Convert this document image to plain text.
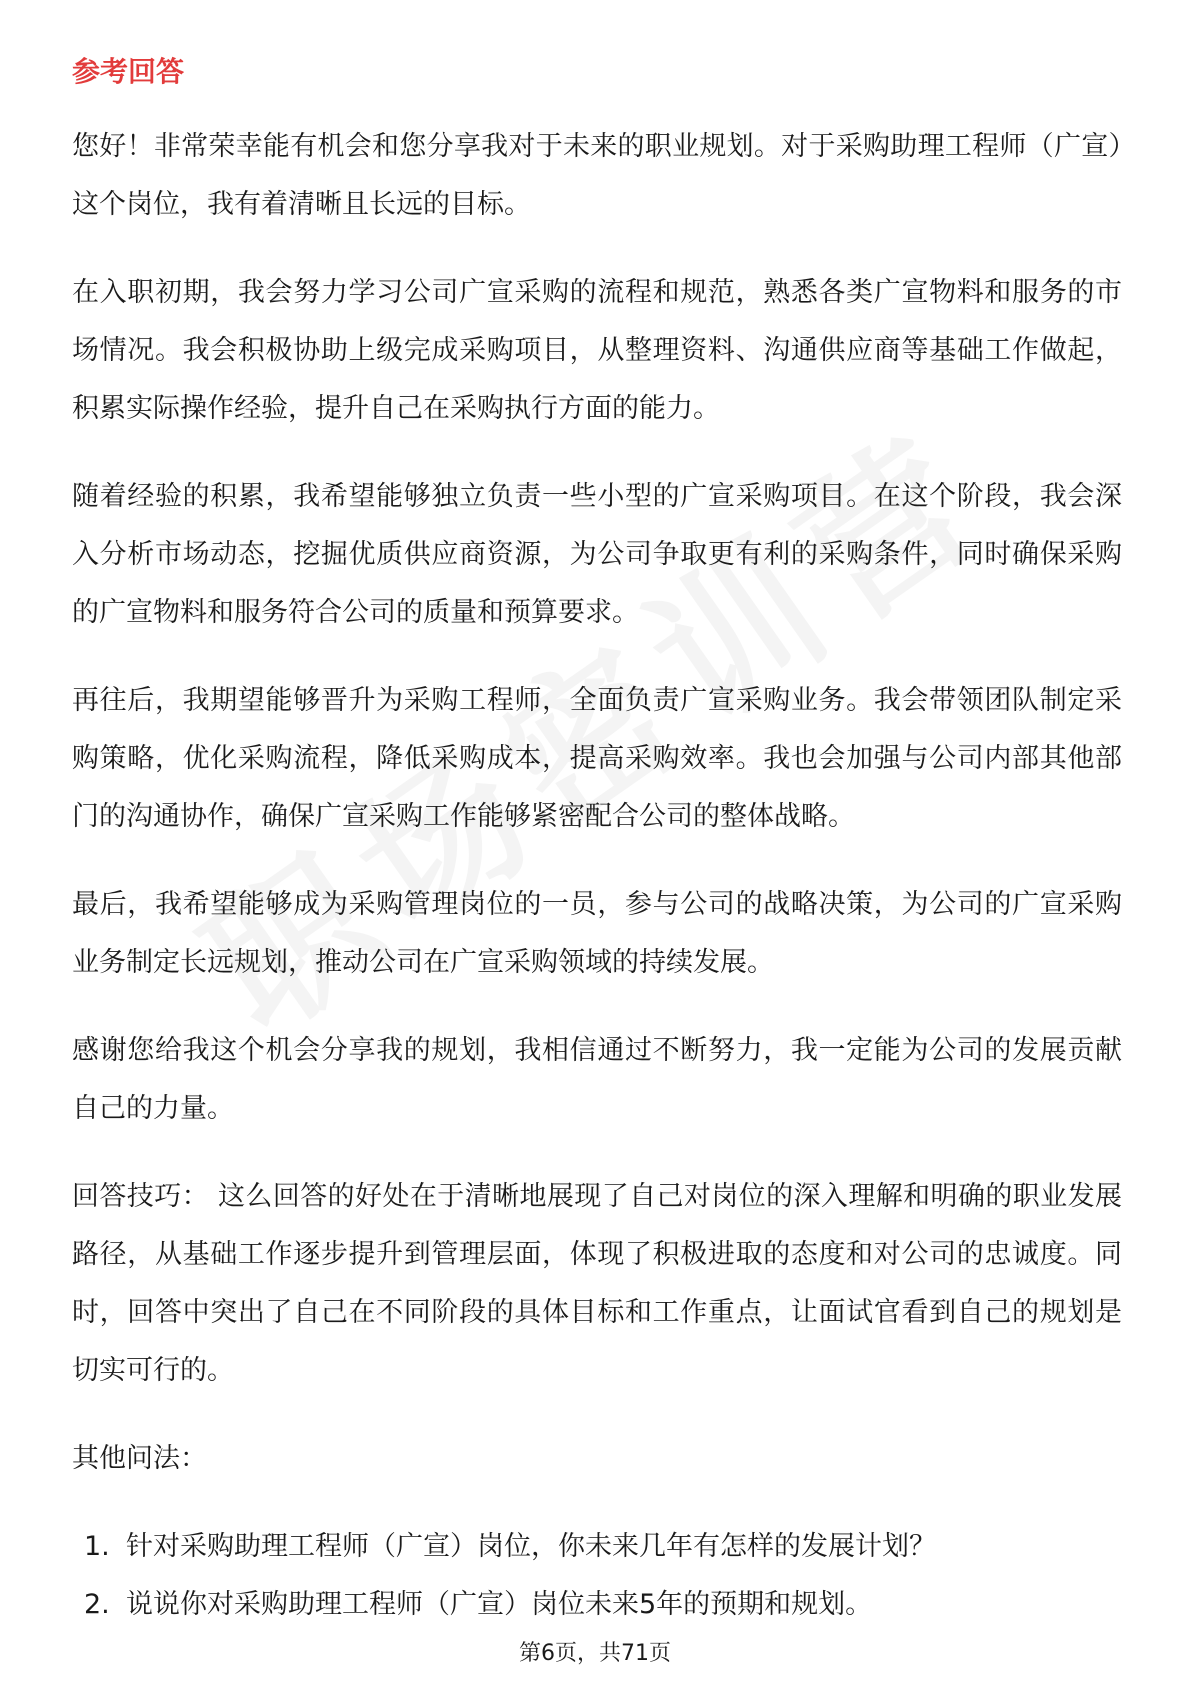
参考回答

您好！非常荣幸能有机会和您分享我对于未来的职业规划。对于采购助理工程师（广宣）这个岗位，我有着清晰且长远的目标。

在入职初期，我会努力学习公司广宣采购的流程和规范，熟悉各类广宣物料和服务的市场情况。我会积极协助上级完成采购项目，从整理资料、沟通供应商等基础工作做起，积累实际操作经验，提升自己在采购执行方面的能力。

随着经验的积累，我希望能够独立负责一些小型的广宣采购项目。在这个阶段，我会深入分析市场动态，挖掘优质供应商资源，为公司争取更有利的采购条件，同时确保采购的广宣物料和服务符合公司的质量和预算要求。

再往后，我期望能够晋升为采购工程师，全面负责广宣采购业务。我会带领团队制定采购策略，优化采购流程，降低采购成本，提高采购效率。我也会加强与公司内部其他部门的沟通协作，确保广宣采购工作能够紧密配合公司的整体战略。

最后，我希望能够成为采购管理岗位的一员，参与公司的战略决策，为公司的广宣采购业务制定长远规划，推动公司在广宣采购领域的持续发展。

感谢您给我这个机会分享我的规划，我相信通过不断努力，我一定能为公司的发展贡献自己的力量。

回答技巧： 这么回答的好处在于清晰地展现了自己对岗位的深入理解和明确的职业发展路径，从基础工作逐步提升到管理层面，体现了积极进取的态度和对公司的忠诚度。同时，回答中突出了自己在不同阶段的具体目标和工作重点，让面试官看到自己的规划是切实可行的。

其他问法：

1. 针对采购助理工程师（广宣）岗位，你未来几年有怎样的发展计划？
2. 说说你对采购助理工程师（广宣）岗位未来5年的预期和规划。
第6页，共71页
